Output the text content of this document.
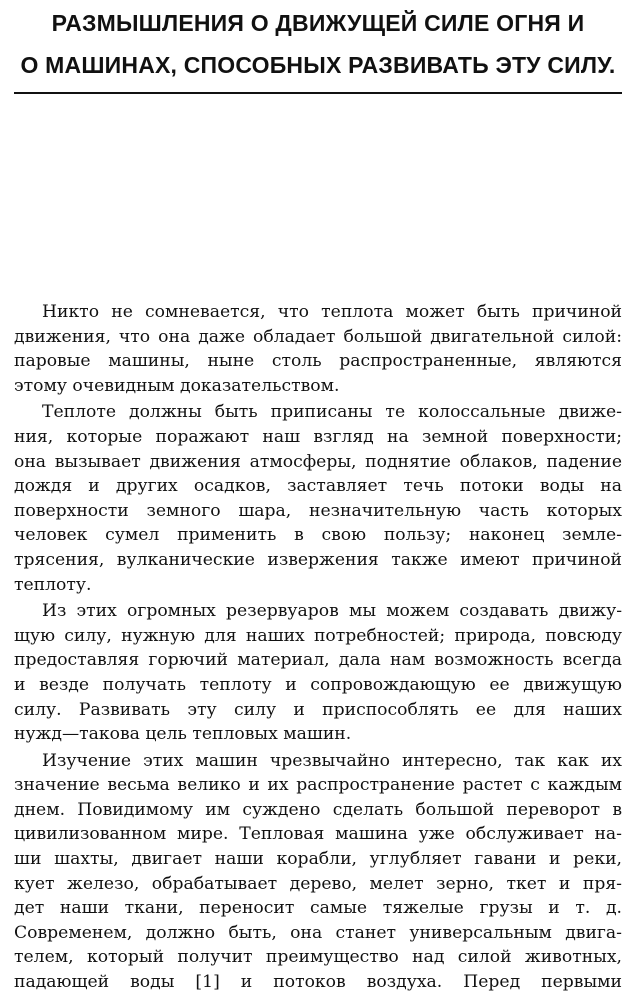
РАЗМЫШЛЕНИЯ О ДВИЖУЩЕЙ СИЛЕ ОГНЯ И
О МАШИНАХ, СПОСОБНЫХ РАЗВИВАТЬ ЭТУ СИЛУ.

Никто не сомневается, что теплота может быть причиной
движения, что она даже обладает большой двигательной силой:
паровые машины, ныне столь распространенные, являются
этому очевидным доказательством.

Теплоте должны быть приписаны те колоссальные движе-
ния, которые поражают наш взгляд на земной поверхности;
она вызывает движения атмосферы, поднятие облаков, падение
дождя и других осадков, заставляет течь потоки воды на
поверхности земного шара, незначительную часть которых
человек сумел применить в свою пользу; наконец земле-
трясения, вулканические извержения также имеют причиной
теплоту.

Из этих огромных резервуаров мы можем создавать движу-
щую силу, нужную для наших потребностей; природа, повсюду
предоставляя горючий материал, дала нам возможность всегда
и везде получать теплоту и сопровождающую ее движущую
силу. Развивать эту силу и приспособлять ее для наших
нужд—такова цель тепловых машин.

Изучение этих машин чрезвычайно интересно, так как их
значение весьма велико и их распространение растет с каждым
днем. Повидимому им суждено сделать большой переворот в
цивилизованном мире. Тепловая машина уже обслуживает на-
ши шахты, двигает наши корабли, углубляет гавани и реки,
кует железо, обрабатывает дерево, мелет зерно, ткет и пря-
дет наши ткани, переносит самые тяжелые грузы и т. д.
Современем, должно быть, она станет универсальным двига-
телем, который получит преимущество над силой животных,
падающей воды [1] и потоков воздуха. Перед первыми
